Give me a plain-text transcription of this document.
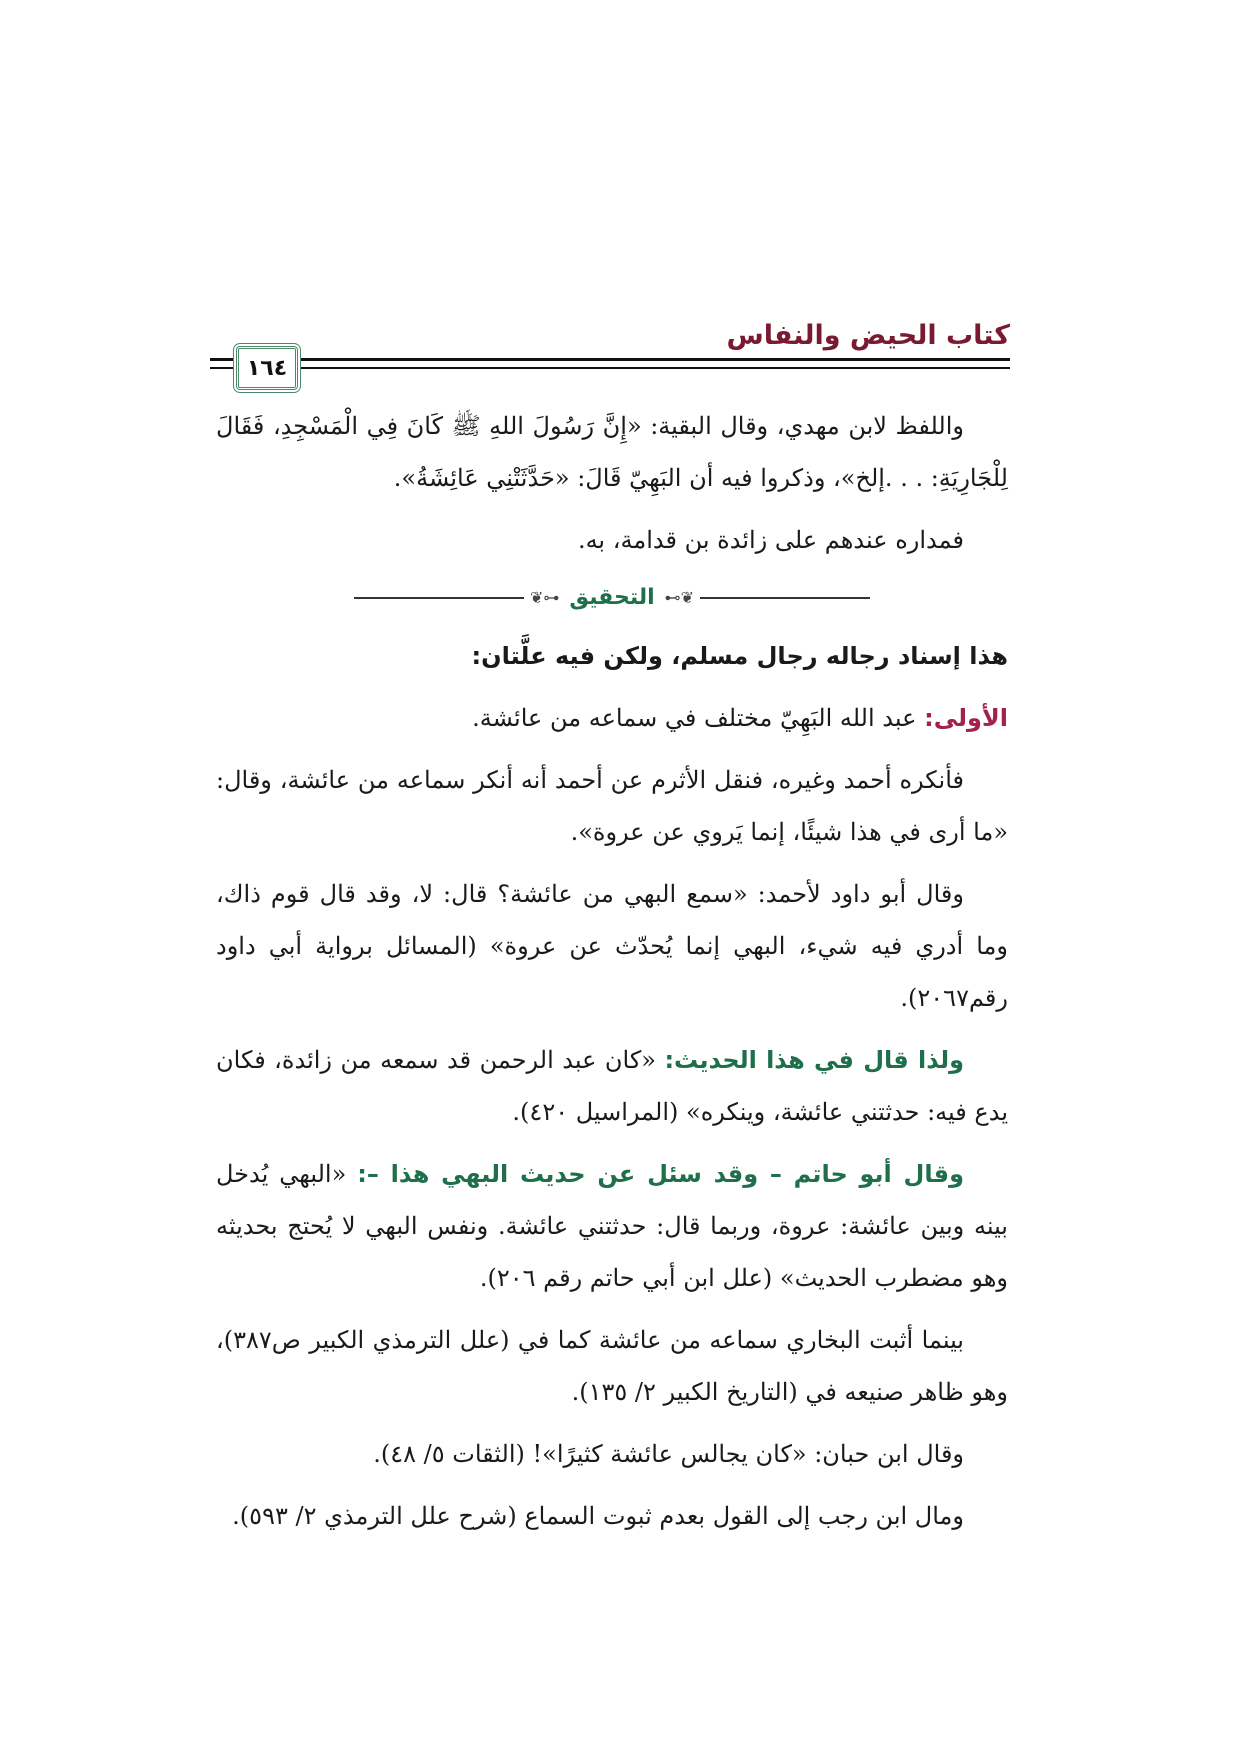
كتاب الحيض والنفاس
١٦٤

واللفظ لابن مهدي، وقال البقية: «إِنَّ رَسُولَ اللهِ ﷺ كَانَ فِي الْمَسْجِدِ، فَقَالَ لِلْجَارِيَةِ: . . .إلخ»، وذكروا فيه أن البَهِيّ قَالَ: «حَدَّثَتْنِي عَائِشَةُ».

فمداره عندهم على زائدة بن قدامة، به.

❦⊶
التحقيق
⊷❦

هذا إسناد رجاله رجال مسلم، ولكن فيه علَّتان:

الأولى: عبد الله البَهِيّ مختلف في سماعه من عائشة.

فأنكره أحمد وغيره، فنقل الأثرم عن أحمد أنه أنكر سماعه من عائشة، وقال: «ما أرى في هذا شيئًا، إنما يَروي عن عروة».

وقال أبو داود لأحمد: «سمع البهي من عائشة؟ قال: لا، وقد قال قوم ذاك، وما أدري فيه شيء، البهي إنما يُحدّث عن عروة» (المسائل برواية أبي داود رقم٢٠٦٧).

ولذا قال في هذا الحديث: «كان عبد الرحمن قد سمعه من زائدة، فكان يدع فيه: حدثتني عائشة، وينكره» (المراسيل ٤٢٠).

وقال أبو حاتم – وقد سئل عن حديث البهي هذا –: «البهي يُدخل بينه وبين عائشة: عروة، وربما قال: حدثتني عائشة. ونفس البهي لا يُحتج بحديثه وهو مضطرب الحديث» (علل ابن أبي حاتم رقم ٢٠٦).

بينما أثبت البخاري سماعه من عائشة كما في (علل الترمذي الكبير ص٣٨٧)، وهو ظاهر صنيعه في (التاريخ الكبير ٢/ ١٣٥).

وقال ابن حبان: «كان يجالس عائشة كثيرًا»! (الثقات ٥/ ٤٨).

ومال ابن رجب إلى القول بعدم ثبوت السماع (شرح علل الترمذي ٢/ ٥٩٣).
